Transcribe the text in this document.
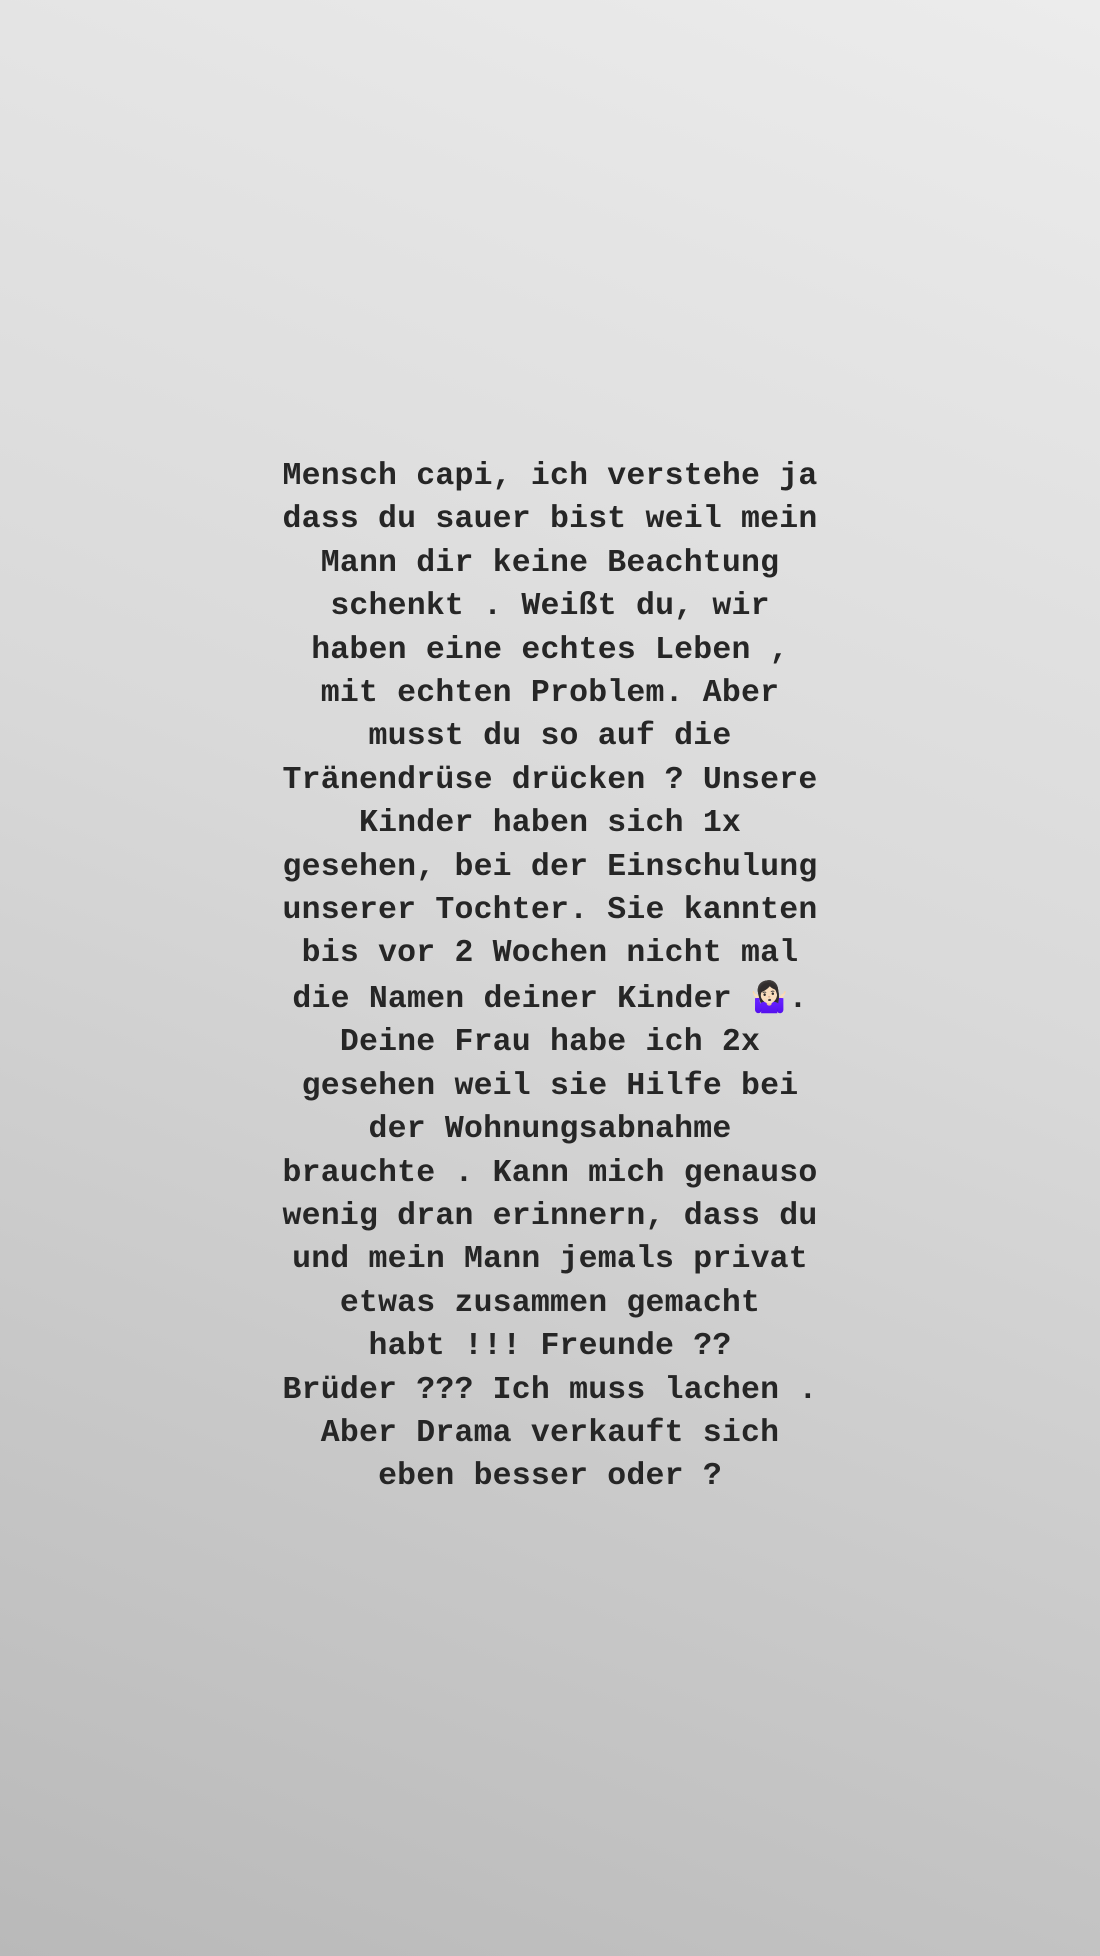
Mensch capi, ich verstehe ja
dass du sauer bist weil mein
Mann dir keine Beachtung
schenkt . Weißt du, wir
haben eine echtes Leben ,
mit echten Problem. Aber
musst du so auf die
Tränendrüse drücken ? Unsere
Kinder haben sich 1x
gesehen, bei der Einschulung
unserer Tochter. Sie kannten
bis vor 2 Wochen nicht mal
die Namen deiner Kinder 🤷🏻‍♀️.
Deine Frau habe ich 2x
gesehen weil sie Hilfe bei
der Wohnungsabnahme
brauchte . Kann mich genauso
wenig dran erinnern, dass du
und mein Mann jemals privat
etwas zusammen gemacht
habt !!! Freunde ??
Brüder ??? Ich muss lachen .
Aber Drama verkauft sich
eben besser oder ?
